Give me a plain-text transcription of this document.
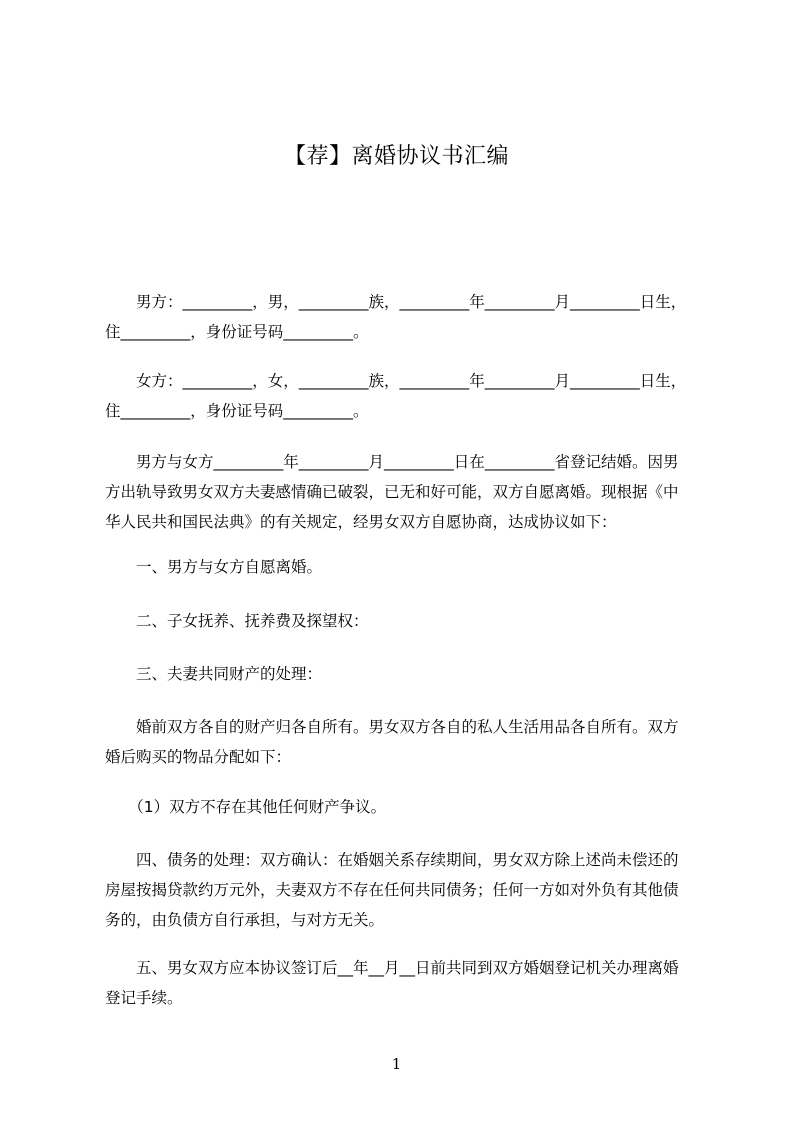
【荐】离婚协议书汇编
　　男方：_________，男，_________族，_________年_________月_________日生，
住_________，身份证号码_________。
　　女方：_________，女，_________族，_________年_________月_________日生，
住_________，身份证号码_________。
　　男方与女方_________年_________月_________日在_________省登记结婚。因男
方出轨导致男女双方夫妻感情确已破裂，已无和好可能，双方自愿离婚。现根据《中
华人民共和国民法典》的有关规定，经男女双方自愿协商，达成协议如下：
　　一、男方与女方自愿离婚。
　　二、子女抚养、抚养费及探望权：
　　三、夫妻共同财产的处理：
　　婚前双方各自的财产归各自所有。男女双方各自的私人生活用品各自所有。双方
婚后购买的物品分配如下：
　　（1）双方不存在其他任何财产争议。
　　四、债务的处理：双方确认：在婚姻关系存续期间，男女双方除上述尚未偿还的
房屋按揭贷款约万元外，夫妻双方不存在任何共同债务；任何一方如对外负有其他债
务的，由负债方自行承担，与对方无关。
　　五、男女双方应本协议签订后__年__月__日前共同到双方婚姻登记机关办理离婚
登记手续。
1
